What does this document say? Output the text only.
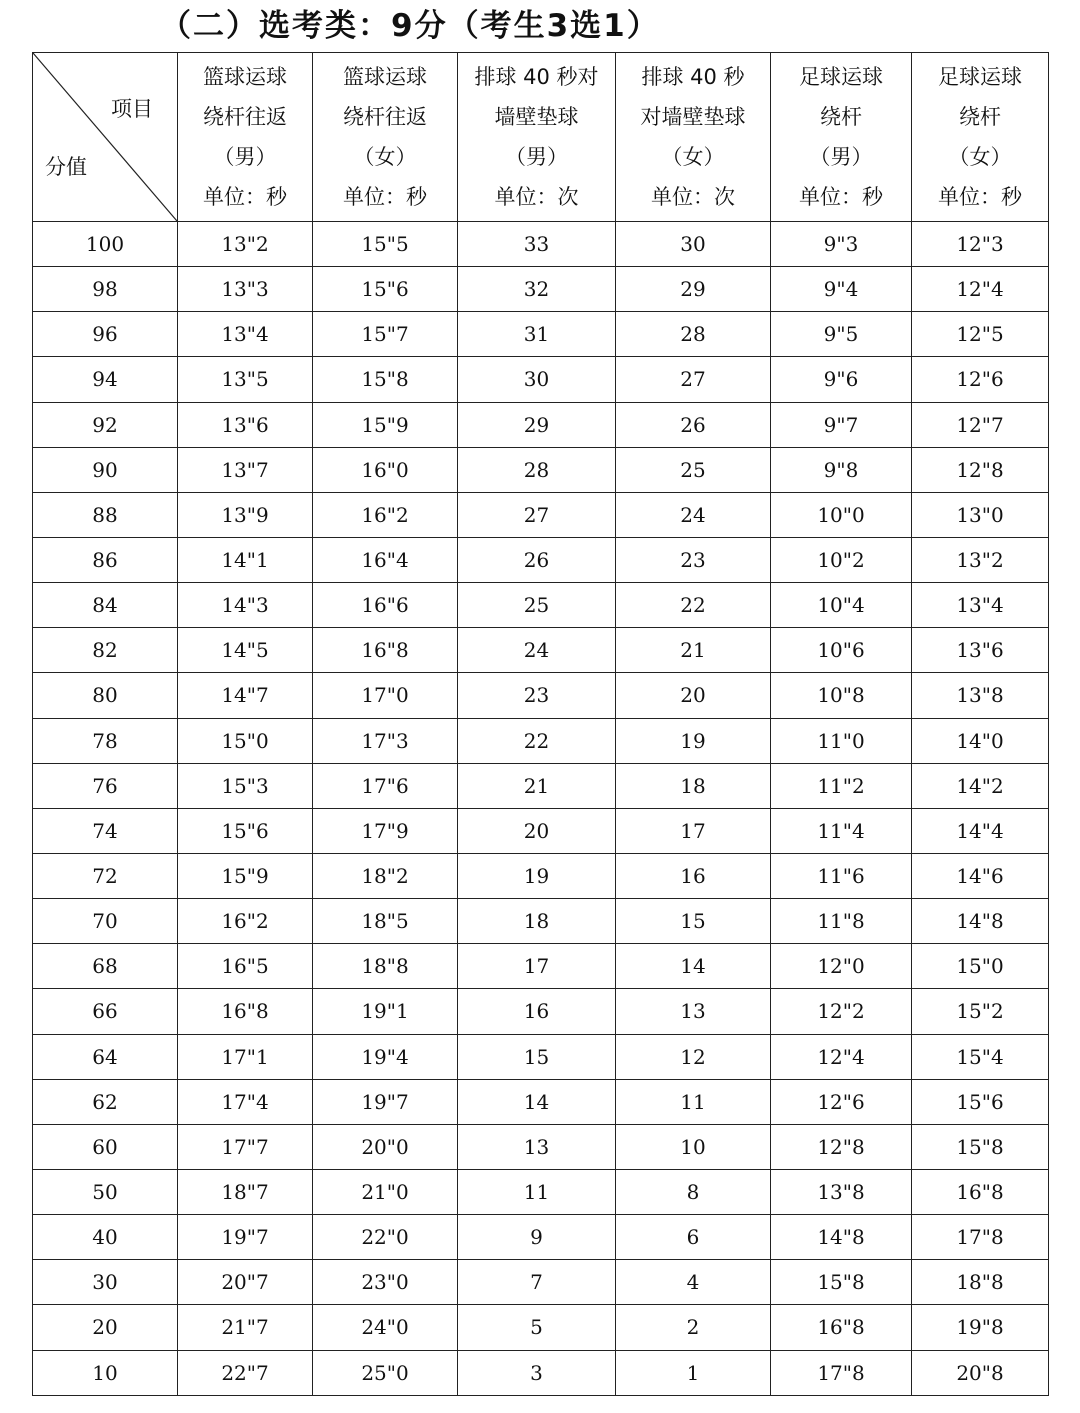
（二）选考类：9分（考生3选1）
项目
分值	篮球运球
绕杆往返
（男）
单位：秒	篮球运球
绕杆往返
（女）
单位：秒	排球 40 秒对
墙壁垫球
（男）
单位：次	排球 40 秒
对墙壁垫球
（女）
单位：次	足球运球
绕杆
（男）
单位：秒	足球运球
绕杆
（女）
单位：秒

100	13"2	15"5	33	30	9"3	12"3
98	13"3	15"6	32	29	9"4	12"4
96	13"4	15"7	31	28	9"5	12"5
94	13"5	15"8	30	27	9"6	12"6
92	13"6	15"9	29	26	9"7	12"7
90	13"7	16"0	28	25	9"8	12"8
88	13"9	16"2	27	24	10"0	13"0
86	14"1	16"4	26	23	10"2	13"2
84	14"3	16"6	25	22	10"4	13"4
82	14"5	16"8	24	21	10"6	13"6
80	14"7	17"0	23	20	10"8	13"8
78	15"0	17"3	22	19	11"0	14"0
76	15"3	17"6	21	18	11"2	14"2
74	15"6	17"9	20	17	11"4	14"4
72	15"9	18"2	19	16	11"6	14"6
70	16"2	18"5	18	15	11"8	14"8
68	16"5	18"8	17	14	12"0	15"0
66	16"8	19"1	16	13	12"2	15"2
64	17"1	19"4	15	12	12"4	15"4
62	17"4	19"7	14	11	12"6	15"6
60	17"7	20"0	13	10	12"8	15"8
50	18"7	21"0	11	8	13"8	16"8
40	19"7	22"0	9	6	14"8	17"8
30	20"7	23"0	7	4	15"8	18"8
20	21"7	24"0	5	2	16"8	19"8
10	22"7	25"0	3	1	17"8	20"8
